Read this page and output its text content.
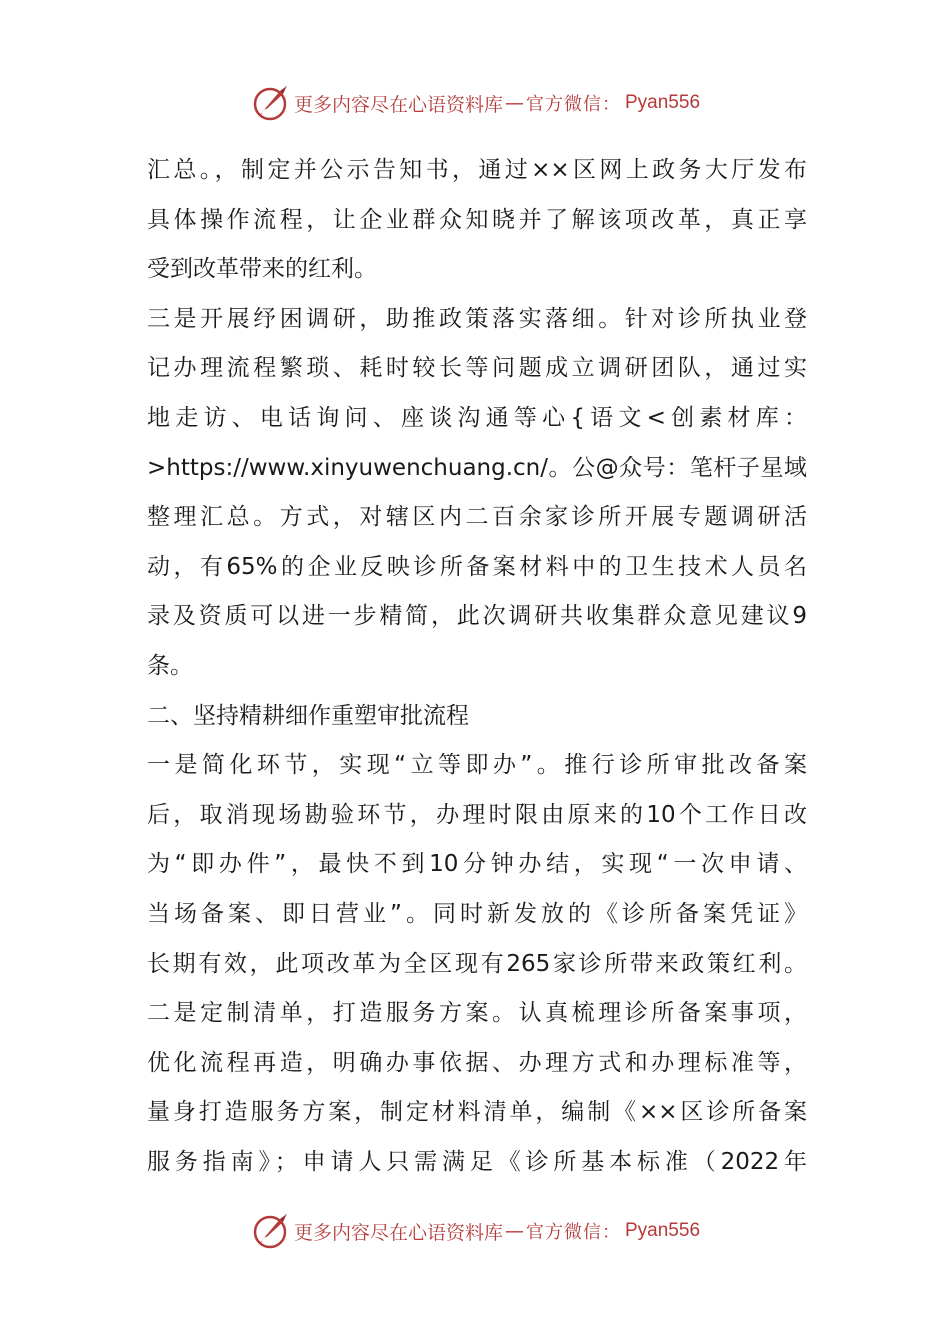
更多内容尽在心语资料库 — 官方微信： Pyan556
汇总。，制定并公示告知书，通过××区网上政务大厅发布
具体操作流程，让企业群众知晓并了解该项改革，真正享
受到改革带来的红利。
三是开展纾困调研，助推政策落实落细。针对诊所执业登
记办理流程繁琐、耗时较长等问题成立调研团队，通过实
地走访、电话询问、座谈沟通等心{语文<创素材库：
>https://www.xinyuwenchuang.cn/。公@众号：笔杆子星域
整理汇总。方式，对辖区内二百余家诊所开展专题调研活
动，有65%的企业反映诊所备案材料中的卫生技术人员名
录及资质可以进一步精简，此次调研共收集群众意见建议9
条。
二、坚持精耕细作重塑审批流程
一是简化环节，实现“立等即办”。推行诊所审批改备案
后，取消现场勘验环节，办理时限由原来的10个工作日改
为“即办件”，最快不到10分钟办结，实现“一次申请、
当场备案、即日营业”。同时新发放的《诊所备案凭证》
长期有效，此项改革为全区现有265家诊所带来政策红利。
二是定制清单，打造服务方案。认真梳理诊所备案事项，
优化流程再造，明确办事依据、办理方式和办理标准等，
量身打造服务方案，制定材料清单，编制《××区诊所备案
服务指南》；申请人只需满足《诊所基本标准（2022年
更多内容尽在心语资料库 — 官方微信： Pyan556
